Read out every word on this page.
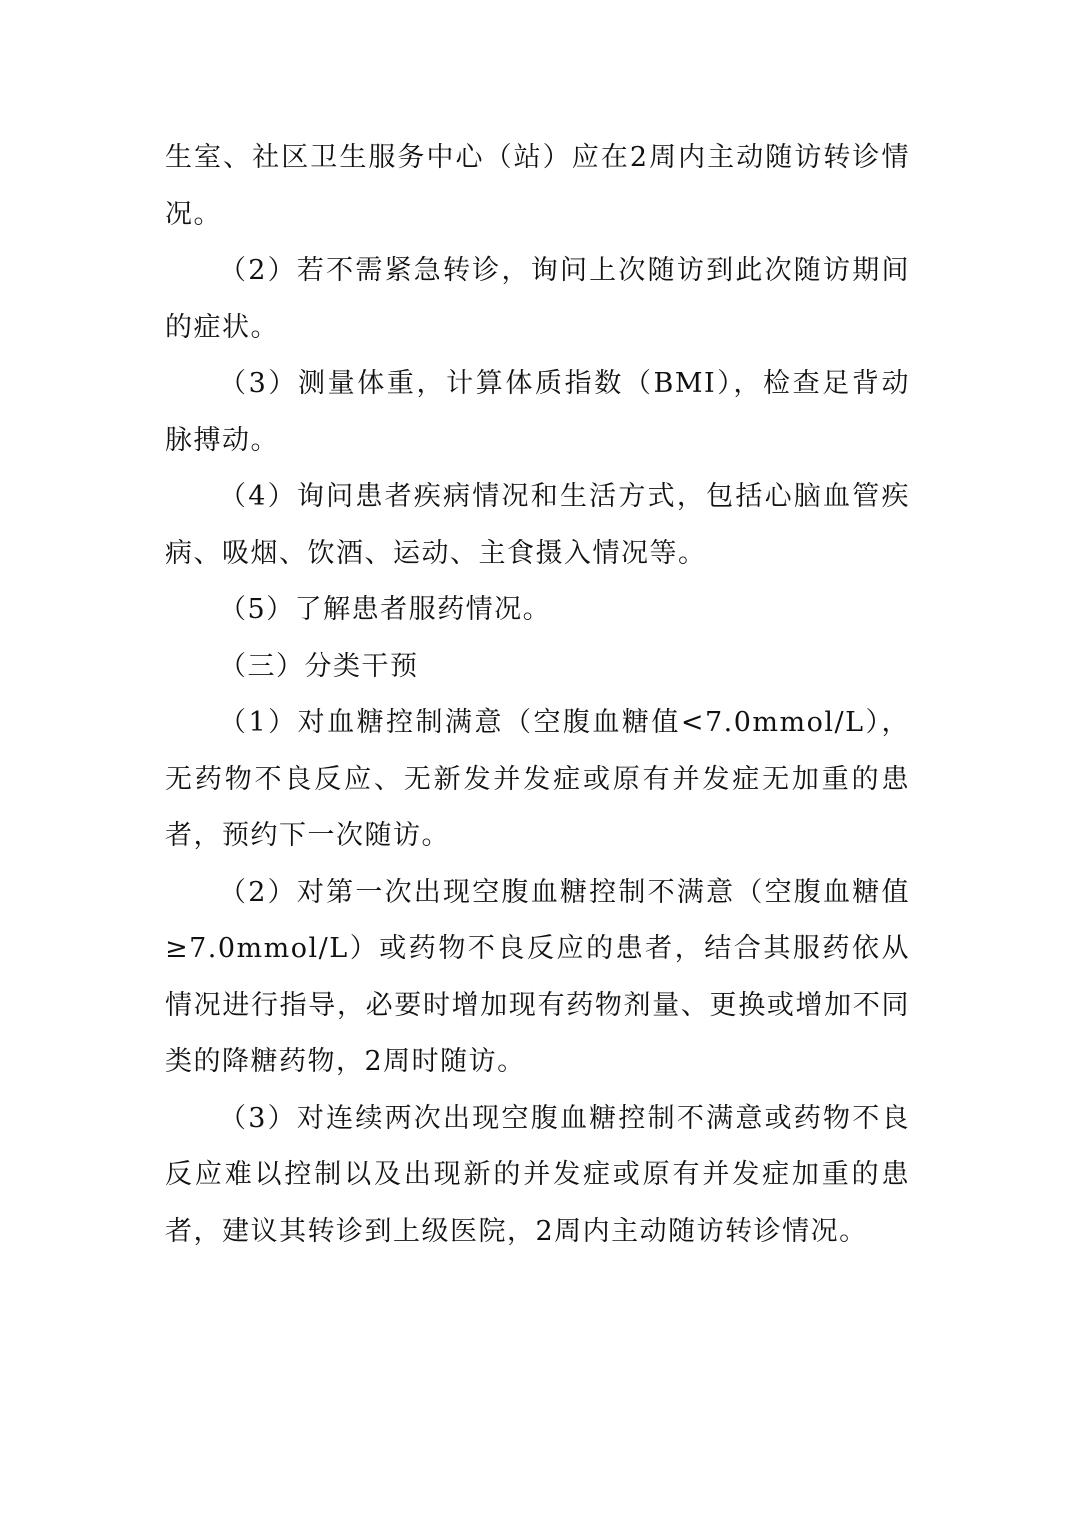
生室、社区卫生服务中心（站）应在2周内主动随访转诊情况。

（2）若不需紧急转诊，询问上次随访到此次随访期间的症状。

（3）测量体重，计算体质指数（BMI），检查足背动脉搏动。

（4）询问患者疾病情况和生活方式，包括心脑血管疾病、吸烟、饮酒、运动、主食摄入情况等。

（5）了解患者服药情况。

（三）分类干预

（1）对血糖控制满意（空腹血糖值<7.0mmol/L），无药物不良反应、无新发并发症或原有并发症无加重的患者，预约下一次随访。

（2）对第一次出现空腹血糖控制不满意（空腹血糖值≥7.0mmol/L）或药物不良反应的患者，结合其服药依从情况进行指导，必要时增加现有药物剂量、更换或增加不同类的降糖药物，2周时随访。

（3）对连续两次出现空腹血糖控制不满意或药物不良反应难以控制以及出现新的并发症或原有并发症加重的患者，建议其转诊到上级医院，2周内主动随访转诊情况。
